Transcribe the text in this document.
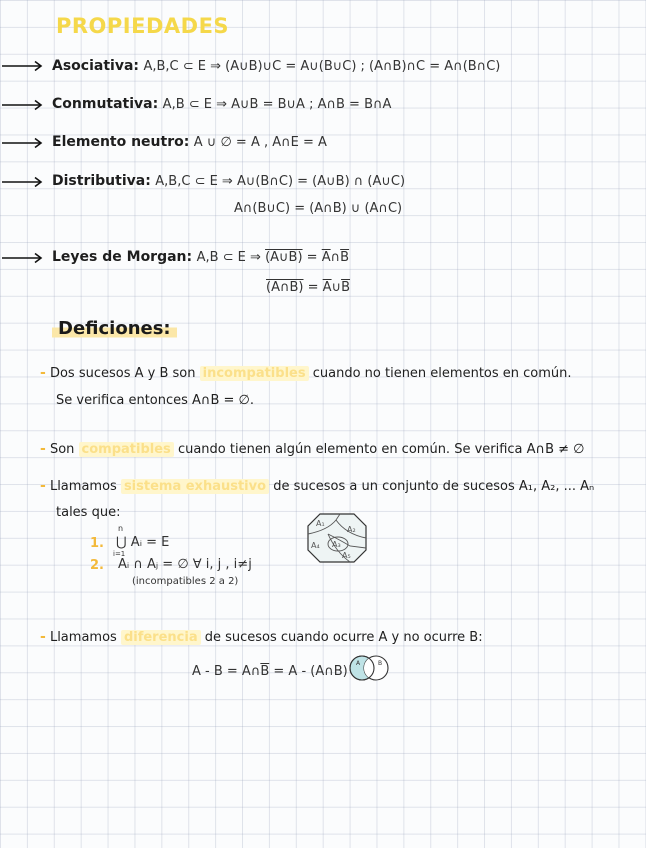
PROPIEDADES
Asociativa: A,B,C ⊂ E ⇒ (A∪B)∪C = A∪(B∪C) ; (A∩B)∩C = A∩(B∩C)
Conmutativa: A,B ⊂ E ⇒ A∪B = B∪A ; A∩B = B∩A
Elemento neutro: A ∪ ∅ = A , A∩E = A
Distributiva: A,B,C ⊂ E ⇒ A∪(B∩C) = (A∪B) ∩ (A∪C)
A∩(B∪C) = (A∩B) ∪ (A∩C)
Leyes de Morgan: A,B ⊂ E ⇒ (A∪B) = $\overline{A}\cap\overline{B}$
(A∩B) = $\overline{A}\cup\overline{B}$
Deficiones:
- Dos sucesos A y B son incompatibles cuando no tienen elementos en común.
Se verifica entonces A∩B = ∅.
- Son compatibles cuando tienen algún elemento en común. Se verifica A∩B ≠ ∅
- Llamamos sistema exhaustivo de sucesos a un conjunto de sucesos A₁, A₂, ... Aₙ
tales que:
1.
n
⋃ Aᵢ = E
i=1
2. Aᵢ ∩ Aⱼ = ∅ ∀ i, j , i≠j
(incompatibles 2 a 2)
A₁
A₂
A₃
A₄
A₅
- Llamamos diferencia de sucesos cuando ocurre A y no ocurre B:
$A - B = A\cap\overline{B} = A$ - (A∩B)
A	B
